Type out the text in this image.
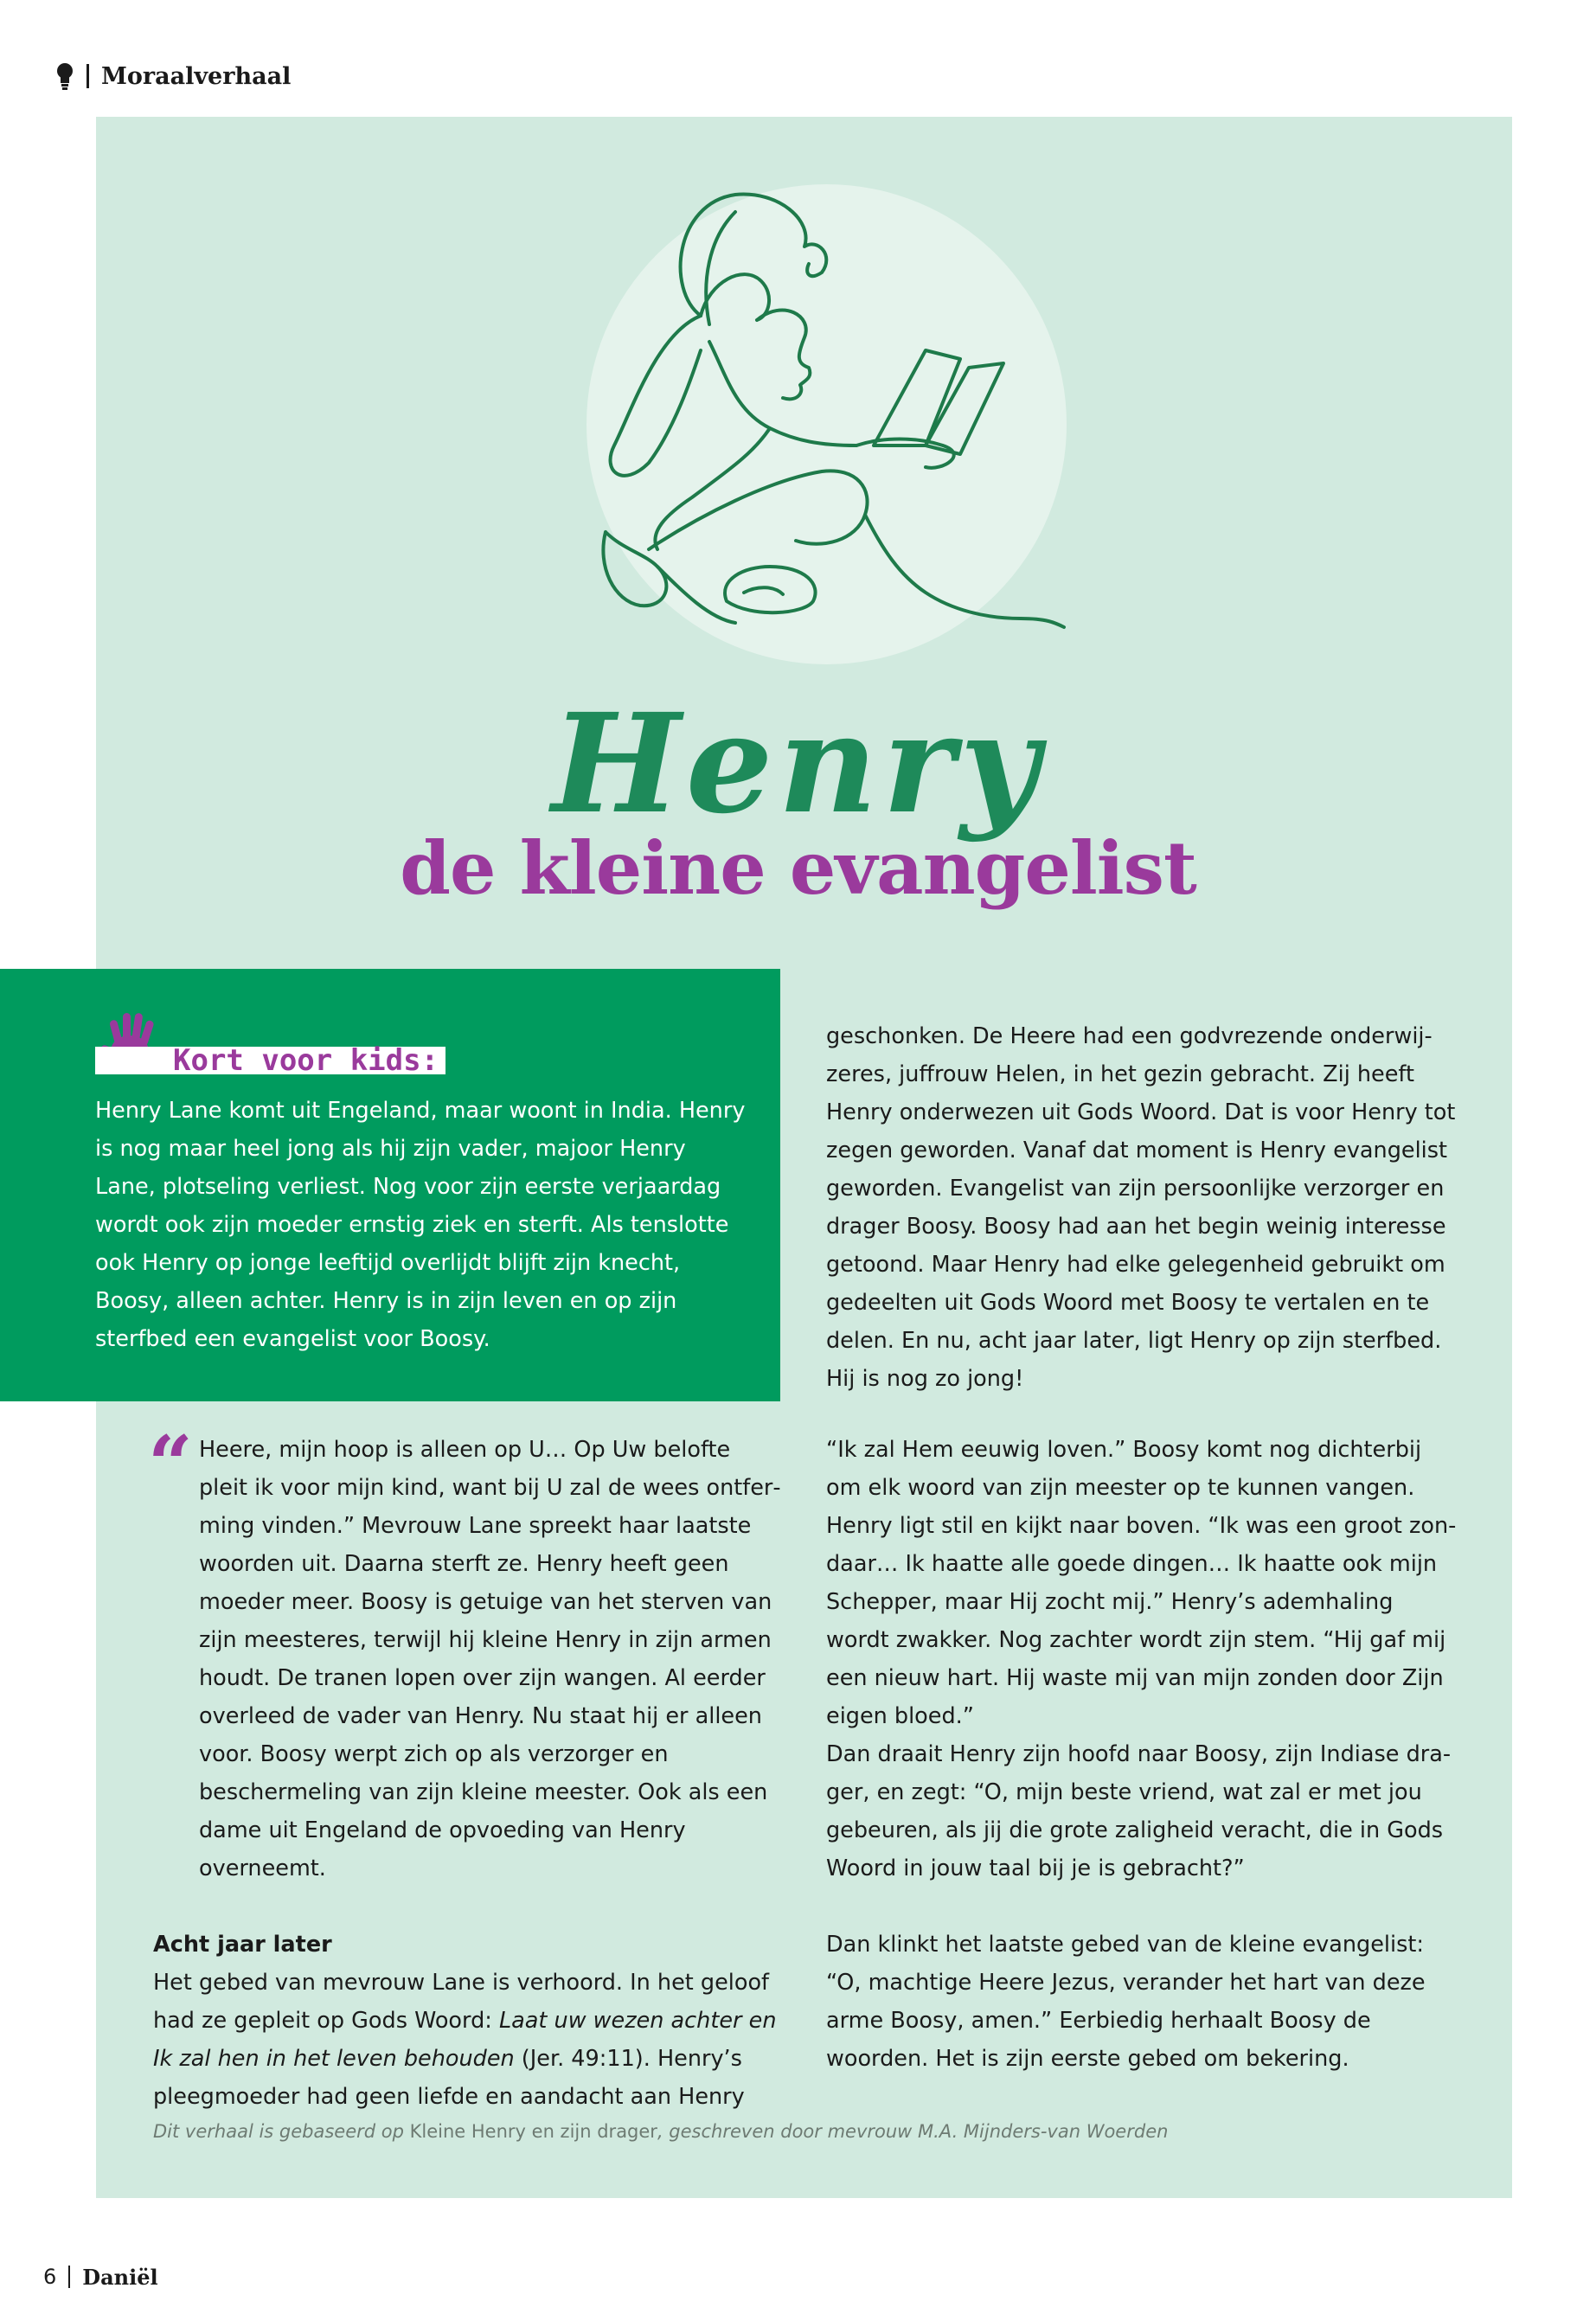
Moraalverhaal
Henry
de kleine evangelist
Kort voor kids:
Henry Lane komt uit Engeland, maar woont in India. Henry is nog maar heel jong als hij zijn vader, majoor Henry Lane, plotseling verliest. Nog voor zijn eerste verjaardag wordt ook zijn moeder ernstig ziek en sterft. Als tenslotte ook Henry op jonge leeftijd overlijdt blijft zijn knecht, Boosy, alleen achter. Henry is in zijn leven en op zijn sterfbed een evangelist voor Boosy.

geschonken. De Heere had een godvrezende onderwijzeres, juffrouw Helen, in het gezin gebracht. Zij heeft Henry onderwezen uit Gods Woord. Dat is voor Henry tot zegen geworden. Vanaf dat moment is Henry evangelist geworden. Evangelist van zijn persoonlijke verzorger en drager Boosy. Boosy had aan het begin weinig interesse getoond. Maar Henry had elke gelegenheid gebruikt om gedeelten uit Gods Woord met Boosy te vertalen en te delen. En nu, acht jaar later, ligt Henry op zijn sterfbed. Hij is nog zo jong!

“ Heere, mijn hoop is alleen op U… Op Uw belofte pleit ik voor mijn kind, want bij U zal de wees ontferming vinden.” Mevrouw Lane spreekt haar laatste woorden uit. Daarna sterft ze. Henry heeft geen moeder meer. Boosy is getuige van het sterven van zijn meesteres, terwijl hij kleine Henry in zijn armen houdt. De tranen lopen over zijn wangen. Al eerder overleed de vader van Henry. Nu staat hij er alleen voor. Boosy werpt zich op als verzorger en beschermeling van zijn kleine meester. Ook als een dame uit Engeland de opvoeding van Henry overneemt.

Acht jaar later

Het gebed van mevrouw Lane is verhoord. In het geloof had ze gepleit op Gods Woord: Laat uw wezen achter en Ik zal hen in het leven behouden (Jer. 49:11). Henry’s pleegmoeder had geen liefde en aandacht aan Henry

“Ik zal Hem eeuwig loven.” Boosy komt nog dichterbij om elk woord van zijn meester op te kunnen vangen. Henry ligt stil en kijkt naar boven. “Ik was een groot zondaar… Ik haatte alle goede dingen… Ik haatte ook mijn Schepper, maar Hij zocht mij.” Henry’s ademhaling wordt zwakker. Nog zachter wordt zijn stem. “Hij gaf mij een nieuw hart. Hij waste mij van mijn zonden door Zijn eigen bloed.”

Dan draait Henry zijn hoofd naar Boosy, zijn Indiase drager, en zegt: “O, mijn beste vriend, wat zal er met jou gebeuren, als jij die grote zaligheid veracht, die in Gods Woord in jouw taal bij je is gebracht?”

Dan klinkt het laatste gebed van de kleine evangelist: “O, machtige Heere Jezus, verander het hart van deze arme Boosy, amen.” Eerbiedig herhaalt Boosy de woorden. Het is zijn eerste gebed om bekering.

Dit verhaal is gebaseerd op Kleine Henry en zijn drager, geschreven door mevrouw M.A. Mijnders-van Woerden
6 Daniël
